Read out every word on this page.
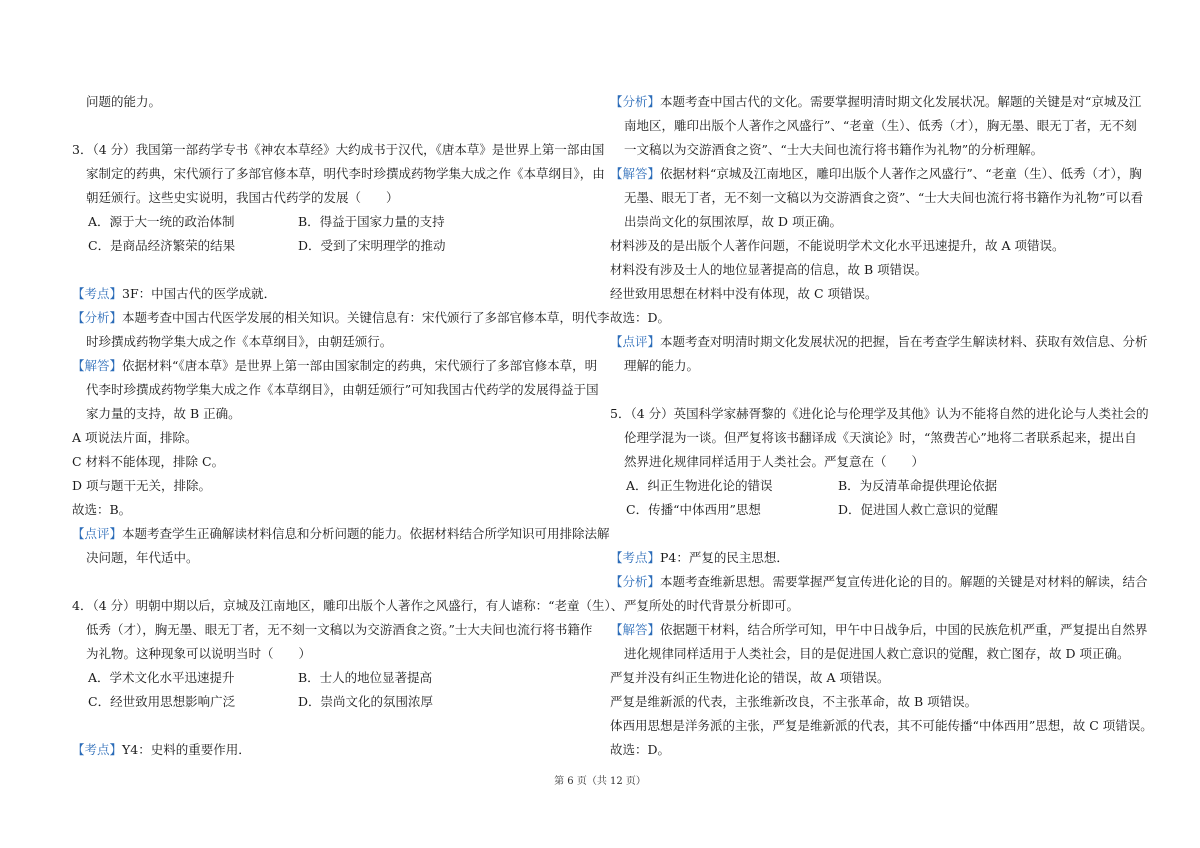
问题的能力。

3．（4 分）我国第一部药学专书《神农本草经》大约成书于汉代，《唐本草》是世界上第一部由国

家制定的药典，宋代颁行了多部官修本草，明代李时珍撰成药物学集大成之作《本草纲目》，由

朝廷颁行。这些史实说明，我国古代药学的发展（　　）

A．源于大一统的政治体制	B．得益于国家力量的支持
C．是商品经济繁荣的结果	D．受到了宋明理学的推动

【考点】3F：中国古代的医学成就．

【分析】本题考查中国古代医学发展的相关知识。关键信息有：宋代颁行了多部官修本草，明代李

时珍撰成药物学集大成之作《本草纲目》，由朝廷颁行。

【解答】依据材料“《唐本草》是世界上第一部由国家制定的药典，宋代颁行了多部官修本草，明

代李时珍撰成药物学集大成之作《本草纲目》，由朝廷颁行”可知我国古代药学的发展得益于国

家力量的支持，故 B 正确。

A 项说法片面，排除。

C 材料不能体现，排除 C。

D 项与题干无关，排除。

故选：B。

【点评】本题考查学生正确解读材料信息和分析问题的能力。依据材料结合所学知识可用排除法解

决问题，年代适中。

4．（4 分）明朝中期以后，京城及江南地区，雕印出版个人著作之风盛行，有人谑称：“老童（生）、

低秀（才），胸无墨、眼无丁者，无不刻一文稿以为交游酒食之资。”士大夫间也流行将书籍作

为礼物。这种现象可以说明当时（　　）

A．学术文化水平迅速提升	B．士人的地位显著提高
C．经世致用思想影响广泛	D．崇尚文化的氛围浓厚

【考点】Y4：史料的重要作用．

【分析】本题考查中国古代的文化。需要掌握明清时期文化发展状况。解题的关键是对“京城及江

南地区，雕印出版个人著作之风盛行”、“老童（生）、低秀（才），胸无墨、眼无丁者，无不刻

一文稿以为交游酒食之资”、“士大夫间也流行将书籍作为礼物”的分析理解。

【解答】依据材料“京城及江南地区，雕印出版个人著作之风盛行”、“老童（生）、低秀（才），胸

无墨、眼无丁者，无不刻一文稿以为交游酒食之资”、“士大夫间也流行将书籍作为礼物”可以看

出崇尚文化的氛围浓厚，故 D 项正确。

材料涉及的是出版个人著作问题，不能说明学术文化水平迅速提升，故 A 项错误。

材料没有涉及士人的地位显著提高的信息，故 B 项错误。

经世致用思想在材料中没有体现，故 C 项错误。

故选：D。

【点评】本题考查对明清时期文化发展状况的把握，旨在考查学生解读材料、获取有效信息、分析

理解的能力。

5．（4 分）英国科学家赫胥黎的《进化论与伦理学及其他》认为不能将自然的进化论与人类社会的

伦理学混为一谈。但严复将该书翻译成《天演论》时，“煞费苦心”地将二者联系起来，提出自

然界进化规律同样适用于人类社会。严复意在（　　）

A．纠正生物进化论的错误	B．为反清革命提供理论依据
C．传播“中体西用”思想	D．促进国人救亡意识的觉醒

【考点】P4：严复的民主思想．

【分析】本题考查维新思想。需要掌握严复宣传进化论的目的。解题的关键是对材料的解读，结合

严复所处的时代背景分析即可。

【解答】依据题干材料，结合所学可知，甲午中日战争后，中国的民族危机严重，严复提出自然界

进化规律同样适用于人类社会，目的是促进国人救亡意识的觉醒，救亡图存，故 D 项正确。

严复并没有纠正生物进化论的错误，故 A 项错误。

严复是维新派的代表，主张维新改良，不主张革命，故 B 项错误。

体西用思想是洋务派的主张，严复是维新派的代表，其不可能传播“中体西用”思想，故 C 项错误。

故选：D。

第 6 页（共 12 页）
